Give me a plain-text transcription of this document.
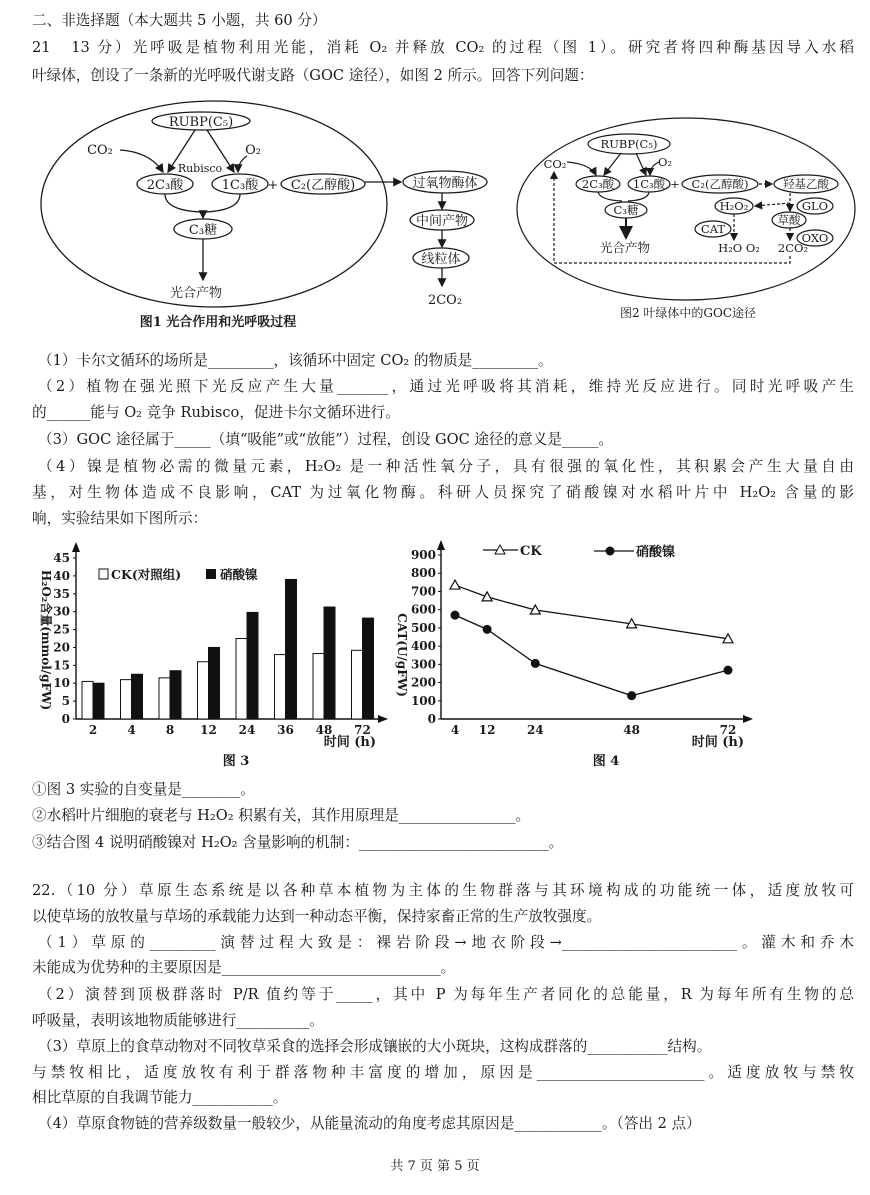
二、非选择题（本大题共 5 小题，共 60 分）
21　13 分）光呼吸是植物利用光能，消耗 O₂ 并释放 CO₂ 的过程（图 1）。研究者将四种酶基因导入水稻
叶绿体，创设了一条新的光呼吸代谢支路（GOC 途径），如图 2 所示。回答下列问题：
（1）卡尔文循环的场所是_________，该循环中固定 CO₂ 的物质是_________。
（2）植物在强光照下光反应产生大量_______，通过光呼吸将其消耗，维持光反应进行。同时光呼吸产生
的______能与 O₂ 竞争 Rubisco，促进卡尔文循环进行。
（3）GOC 途径属于_____（填“吸能”或“放能”）过程，创设 GOC 途径的意义是_____。
（4）镍是植物必需的微量元素，H₂O₂ 是一种活性氧分子，具有很强的氧化性，其积累会产生大量自由
基，对生物体造成不良影响，CAT 为过氧化物酶。科研人员探究了硝酸镍对水稻叶片中 H₂O₂ 含量的影
响，实验结果如下图所示：
①图 3 实验的自变量是________。
②水稻叶片细胞的衰老与 H₂O₂ 积累有关，其作用原理是________________。
③结合图 4 说明硝酸镍对 H₂O₂ 含量影响的机制：__________________________。
22.（10 分）草原生态系统是以各种草本植物为主体的生物群落与其环境构成的功能统一体，适度放牧可
以使草场的放牧量与草场的承载能力达到一种动态平衡，保持家畜正常的生产放牧强度。
（1）草原的_________演替过程大致是：裸岩阶段→地衣阶段→________________________。灌木和乔木
未能成为优势种的主要原因是______________________________。
（2）演替到顶极群落时 P/R 值约等于_____，其中 P 为每年生产者同化的总能量，R 为每年所有生物的总
呼吸量，表明该地物质能够进行__________。
（3）草原上的食草动物对不同牧草采食的选择会形成镶嵌的大小斑块，这构成群落的___________结构。
与禁牧相比，适度放牧有利于群落物种丰富度的增加，原因是_______________________。适度放牧与禁牧
相比草原的自我调节能力___________。
（4）草原食物链的营养级数量一般较少，从能量流动的角度考虑其原因是____________。（答出 2 点）
共 7 页 第 5 页
RUBP(C₅)
CO₂	O₂
Rubisco
2C₃酸	1C₃酸 + C₂(乙醇酸)
C₃糖
光合产物
过氧物酶体
中间产物
线粒体
2CO₂
图1 光合作用和光呼吸过程
RUBP(C₅)
CO₂	O₂
2C₃酸 1C₃酸 + C₂(乙醇酸)	羟基乙酸
H₂O₂	GLO
草酸
CAT
OXO
H₂O O₂ 2CO₂
C₃糖
光合产物
图2 叶绿体中的GOC途径
0
5
10
15
20
25
30
35
40
45
2	4	8 12 24 36 48 72
时间 (h)
图 3
H₂O₂含量(mmol/gFW)	CK(对照组)	硝酸镍
0
100
200
300
400
500
600
700
800
900
4 12	24	48	72
时间 (h)
图 4
CAT(U/gFW)
CK	硝酸镍
